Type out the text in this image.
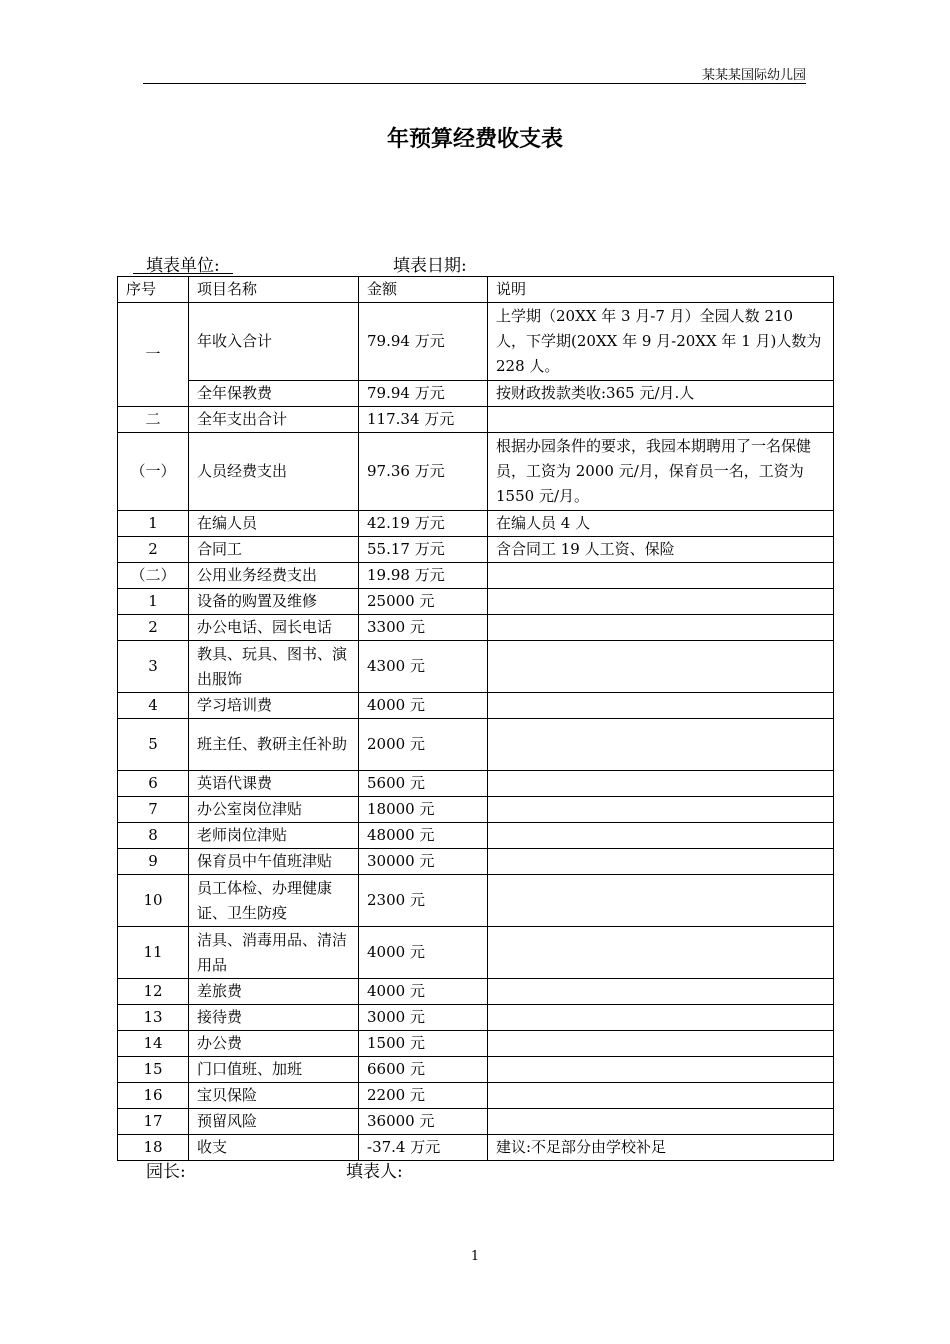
某某某国际幼儿园
年预算经费收支表
填表单位:	填表日期:
序号	项目名称	金额	说明
一	年收入合计	79.94 万元	上学期（20XX 年 3 月-7 月）全园人数 210 人，下学期(20XX 年 9 月-20XX 年 1 月)人数为 228 人。
	全年保教费	79.94 万元	按财政拨款类收:365 元/月.人
二	全年支出合计	117.34 万元	
（一）	人员经费支出	97.36 万元	根据办园条件的要求，我园本期聘用了一名保健员，工资为 2000 元/月，保育员一名，工资为 1550 元/月。
1	在编人员	42.19 万元	在编人员 4 人
2	合同工	55.17 万元	含合同工 19 人工资、保险
（二）	公用业务经费支出	19.98 万元	
1	设备的购置及维修	25000 元	
2	办公电话、园长电话	3300 元	
3	教具、玩具、图书、演出服饰	4300 元	
4	学习培训费	4000 元	
5	班主任、教研主任补助	2000 元	
6	英语代课费	5600 元	
7	办公室岗位津贴	18000 元	
8	老师岗位津贴	48000 元	
9	保育员中午值班津贴	30000 元	
10	员工体检、办理健康证、卫生防疫	2300 元	
11	洁具、消毒用品、清洁用品	4000 元	
12	差旅费	4000 元	
13	接待费	3000 元	
14	办公费	1500 元	
15	门口值班、加班	6600 元	
16	宝贝保险	2200 元	
17	预留风险	36000 元	
18	收支	-37.4 万元	建议:不足部分由学校补足
园长:	填表人:
1
